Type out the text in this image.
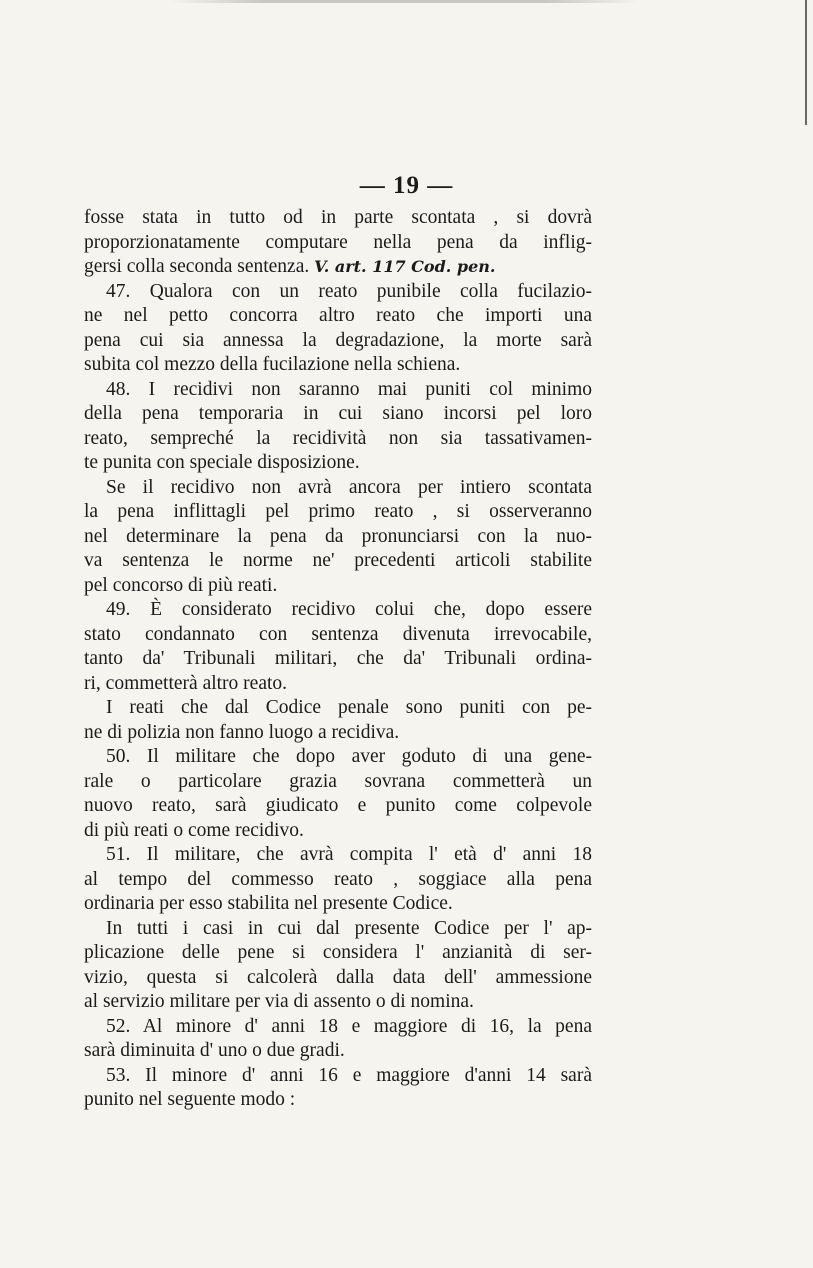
— 19 —
fosse stata in tutto od in parte scontata , si dovrà
proporzionatamente computare nella pena da inflig-
gersi colla seconda sentenza. V. art. 117 Cod. pen.
47. Qualora con un reato punibile colla fucilazio-
ne nel petto concorra altro reato che importi una
pena cui sia annessa la degradazione, la morte sarà
subita col mezzo della fucilazione nella schiena.
48. I recidivi non saranno mai puniti col minimo
della pena temporaria in cui siano incorsi pel loro
reato, sempreché la recidività non sia tassativamen-
te punita con speciale disposizione.
Se il recidivo non avrà ancora per intiero scontata
la pena inflittagli pel primo reato , si osserveranno
nel determinare la pena da pronunciarsi con la nuo-
va sentenza le norme ne' precedenti articoli stabilite
pel concorso di più reati.
49. È considerato recidivo colui che, dopo essere
stato condannato con sentenza divenuta irrevocabile,
tanto da' Tribunali militari, che da' Tribunali ordina-
ri, commetterà altro reato.
I reati che dal Codice penale sono puniti con pe-
ne di polizia non fanno luogo a recidiva.
50. Il militare che dopo aver goduto di una gene-
rale o particolare grazia sovrana commetterà un
nuovo reato, sarà giudicato e punito come colpevole
di più reati o come recidivo.
51. Il militare, che avrà compita l' età d' anni 18
al tempo del commesso reato , soggiace alla pena
ordinaria per esso stabilita nel presente Codice.
In tutti i casi in cui dal presente Codice per l' ap-
plicazione delle pene si considera l' anzianità di ser-
vizio, questa si calcolerà dalla data dell' ammessione
al servizio militare per via di assento o di nomina.
52. Al minore d' anni 18 e maggiore di 16, la pena
sarà diminuita d' uno o due gradi.
53. Il minore d' anni 16 e maggiore d'anni 14 sarà
punito nel seguente modo :
